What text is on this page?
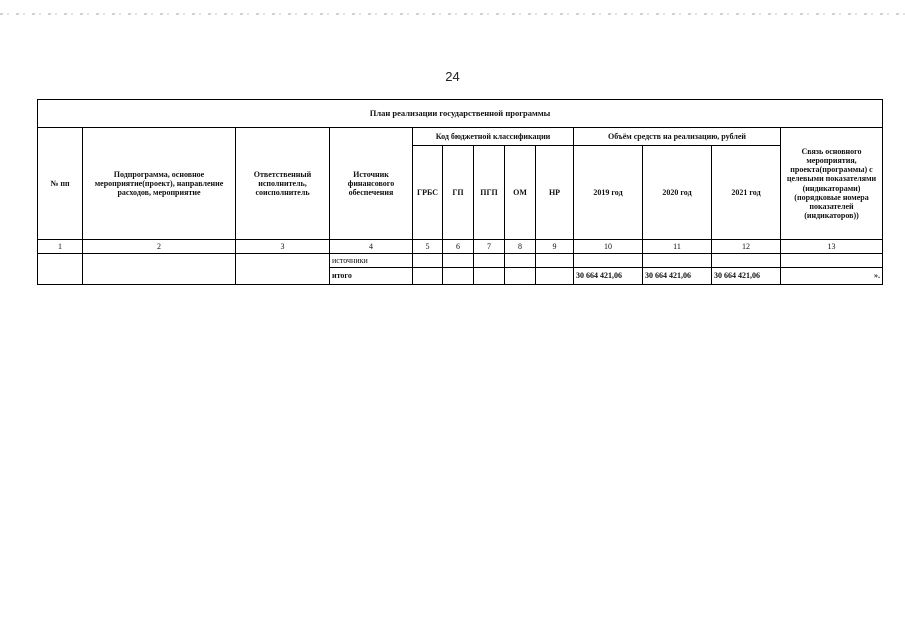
24
План реализации государственной программы												
№ пп	Подпрограмма, основное мероприятие(проект), направление расходов, мероприятие	Ответственный исполнитель, соисполнитель	Источник финансового обеспечения	Код бюджетной классификации					Объём средств на реализацию, рублей			Связь основного мероприятия, проекта(программы) с целевыми показателями (индикаторами) (порядковые номера показателей (индикаторов))
				ГРБС	ГП	ПГП	ОМ	НР	2019 год	2020 год	2021 год	
1	2	3	4	5	6	7	8	9	10	11	12	13
			источники									
			итого						30 664 421,06	30 664 421,06	30 664 421,06	».
